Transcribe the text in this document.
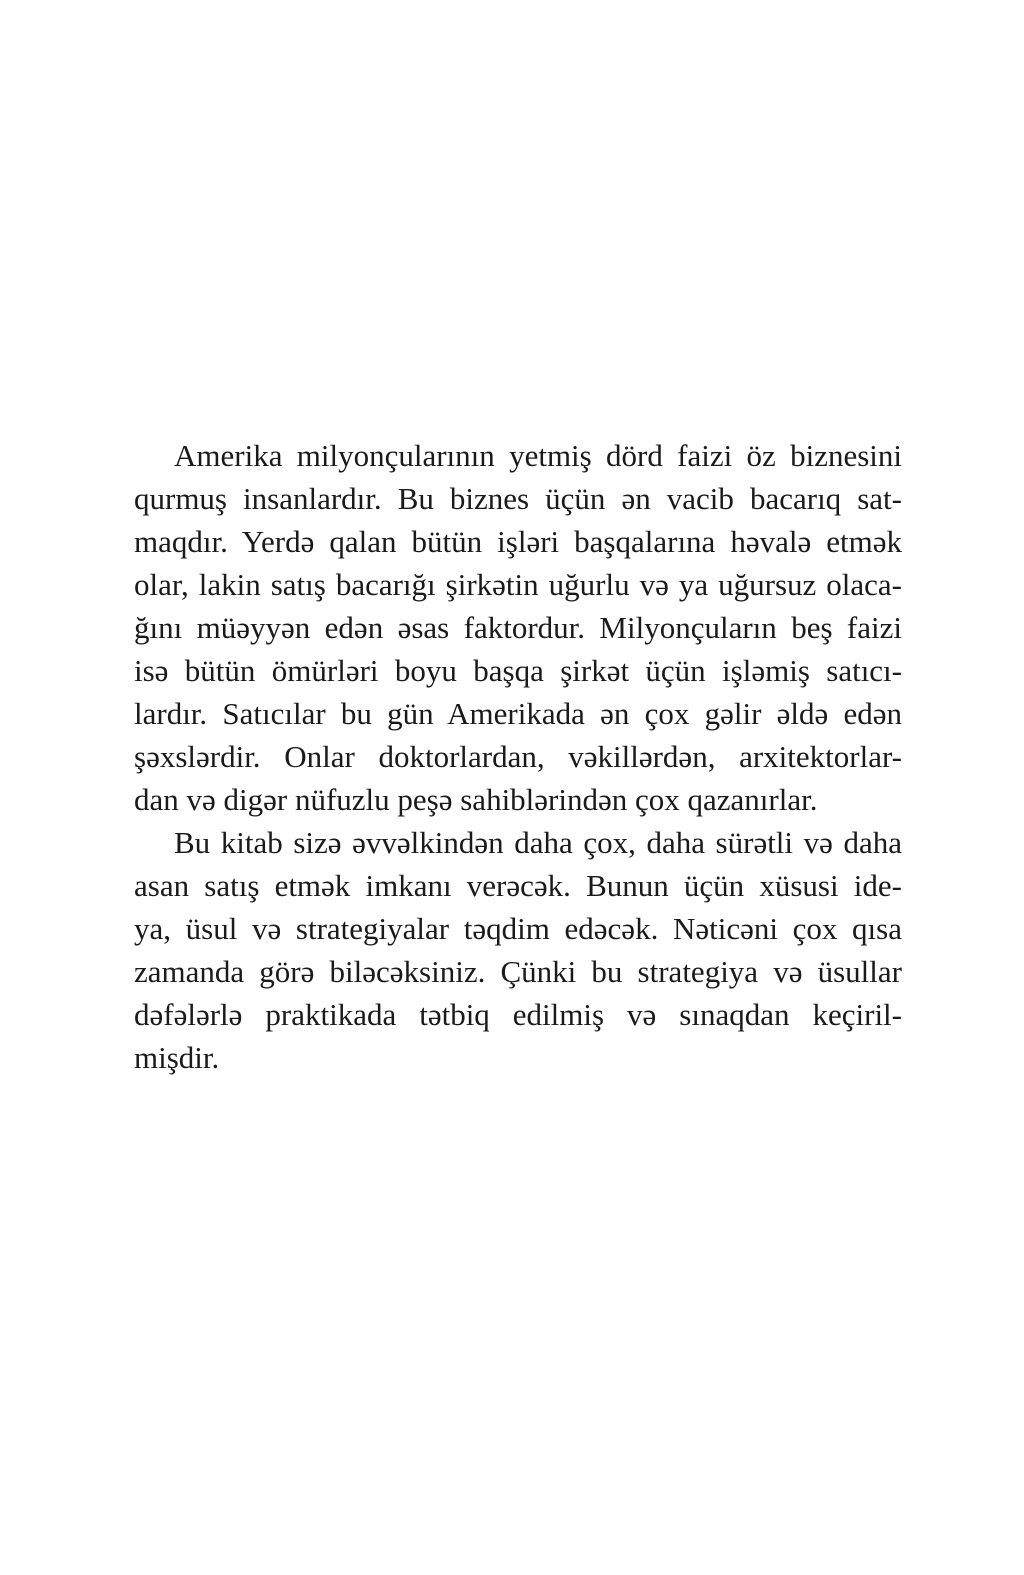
Amerika milyonçularının yetmiş dörd faizi öz biznesini
qurmuş insanlardır. Bu biznes üçün ən vacib bacarıq sat-
maqdır. Yerdə qalan bütün işləri başqalarına həvalə etmək
olar, lakin satış bacarığı şirkətin uğurlu və ya uğursuz olaca-
ğını müəyyən edən əsas faktordur. Milyonçuların beş faizi
isə bütün ömürləri boyu başqa şirkət üçün işləmiş satıcı-
lardır. Satıcılar bu gün Amerikada ən çox gəlir əldə edən
şəxslərdir. Onlar doktorlardan, vəkillərdən, arxitektorlar-
dan və digər nüfuzlu peşə sahiblərindən çox qazanırlar.
Bu kitab sizə əvvəlkindən daha çox, daha sürətli və daha
asan satış etmək imkanı verəcək. Bunun üçün xüsusi ide-
ya, üsul və strategiyalar təqdim edəcək. Nəticəni çox qısa
zamanda görə biləcəksiniz. Çünki bu strategiya və üsullar
dəfələrlə praktikada tətbiq edilmiş və sınaqdan keçiril-
mişdir.
